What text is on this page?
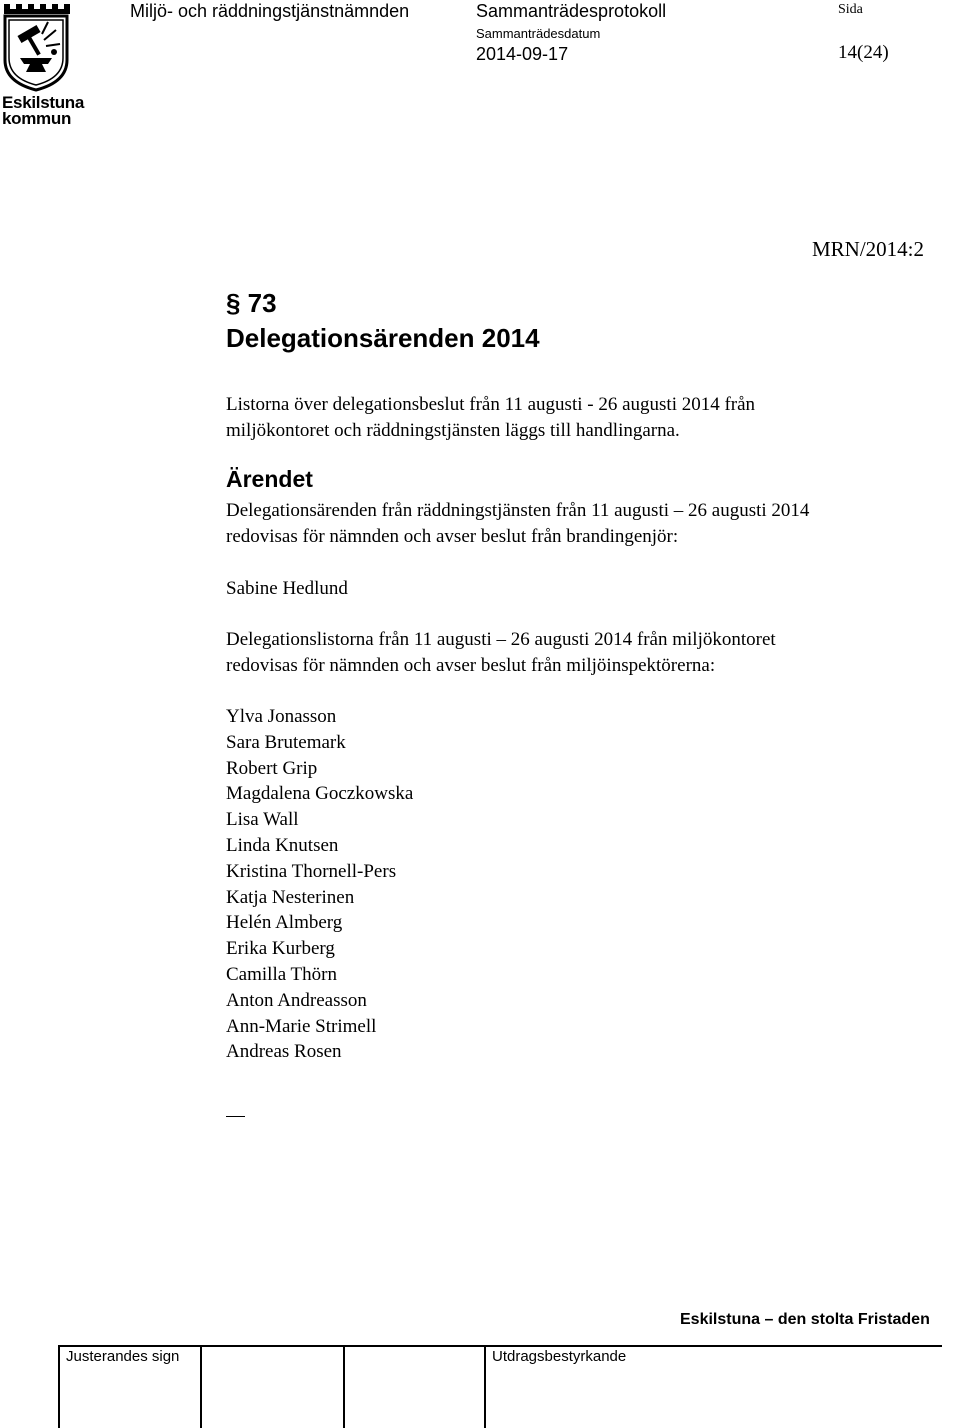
Eskilstuna
kommun
Miljö- och räddningstjänstnämnden	Sammanträdesprotokoll	Sida
Sammanträdesdatum
2014-09-17	14(24)
MRN/2014:2
§ 73
Delegationsärenden 2014
Listorna över delegationsbeslut från 11 augusti - 26 augusti 2014 från
miljökontoret och räddningstjänsten läggs till handlingarna.
Ärendet
Delegationsärenden från räddningstjänsten från 11 augusti – 26 augusti 2014
redovisas för nämnden och avser beslut från brandingenjör:
Sabine Hedlund
Delegationslistorna från 11 augusti – 26 augusti 2014 från miljökontoret
redovisas för nämnden och avser beslut från miljöinspektörerna:
Ylva Jonasson
Sara Brutemark
Robert Grip
Magdalena Goczkowska
Lisa Wall
Linda Knutsen
Kristina Thornell-Pers
Katja Nesterinen
Helén Almberg
Erika Kurberg
Camilla Thörn
Anton Andreasson
Ann-Marie Strimell
Andreas Rosen
Eskilstuna – den stolta Fristaden
Justerandes sign	Utdragsbestyrkande
